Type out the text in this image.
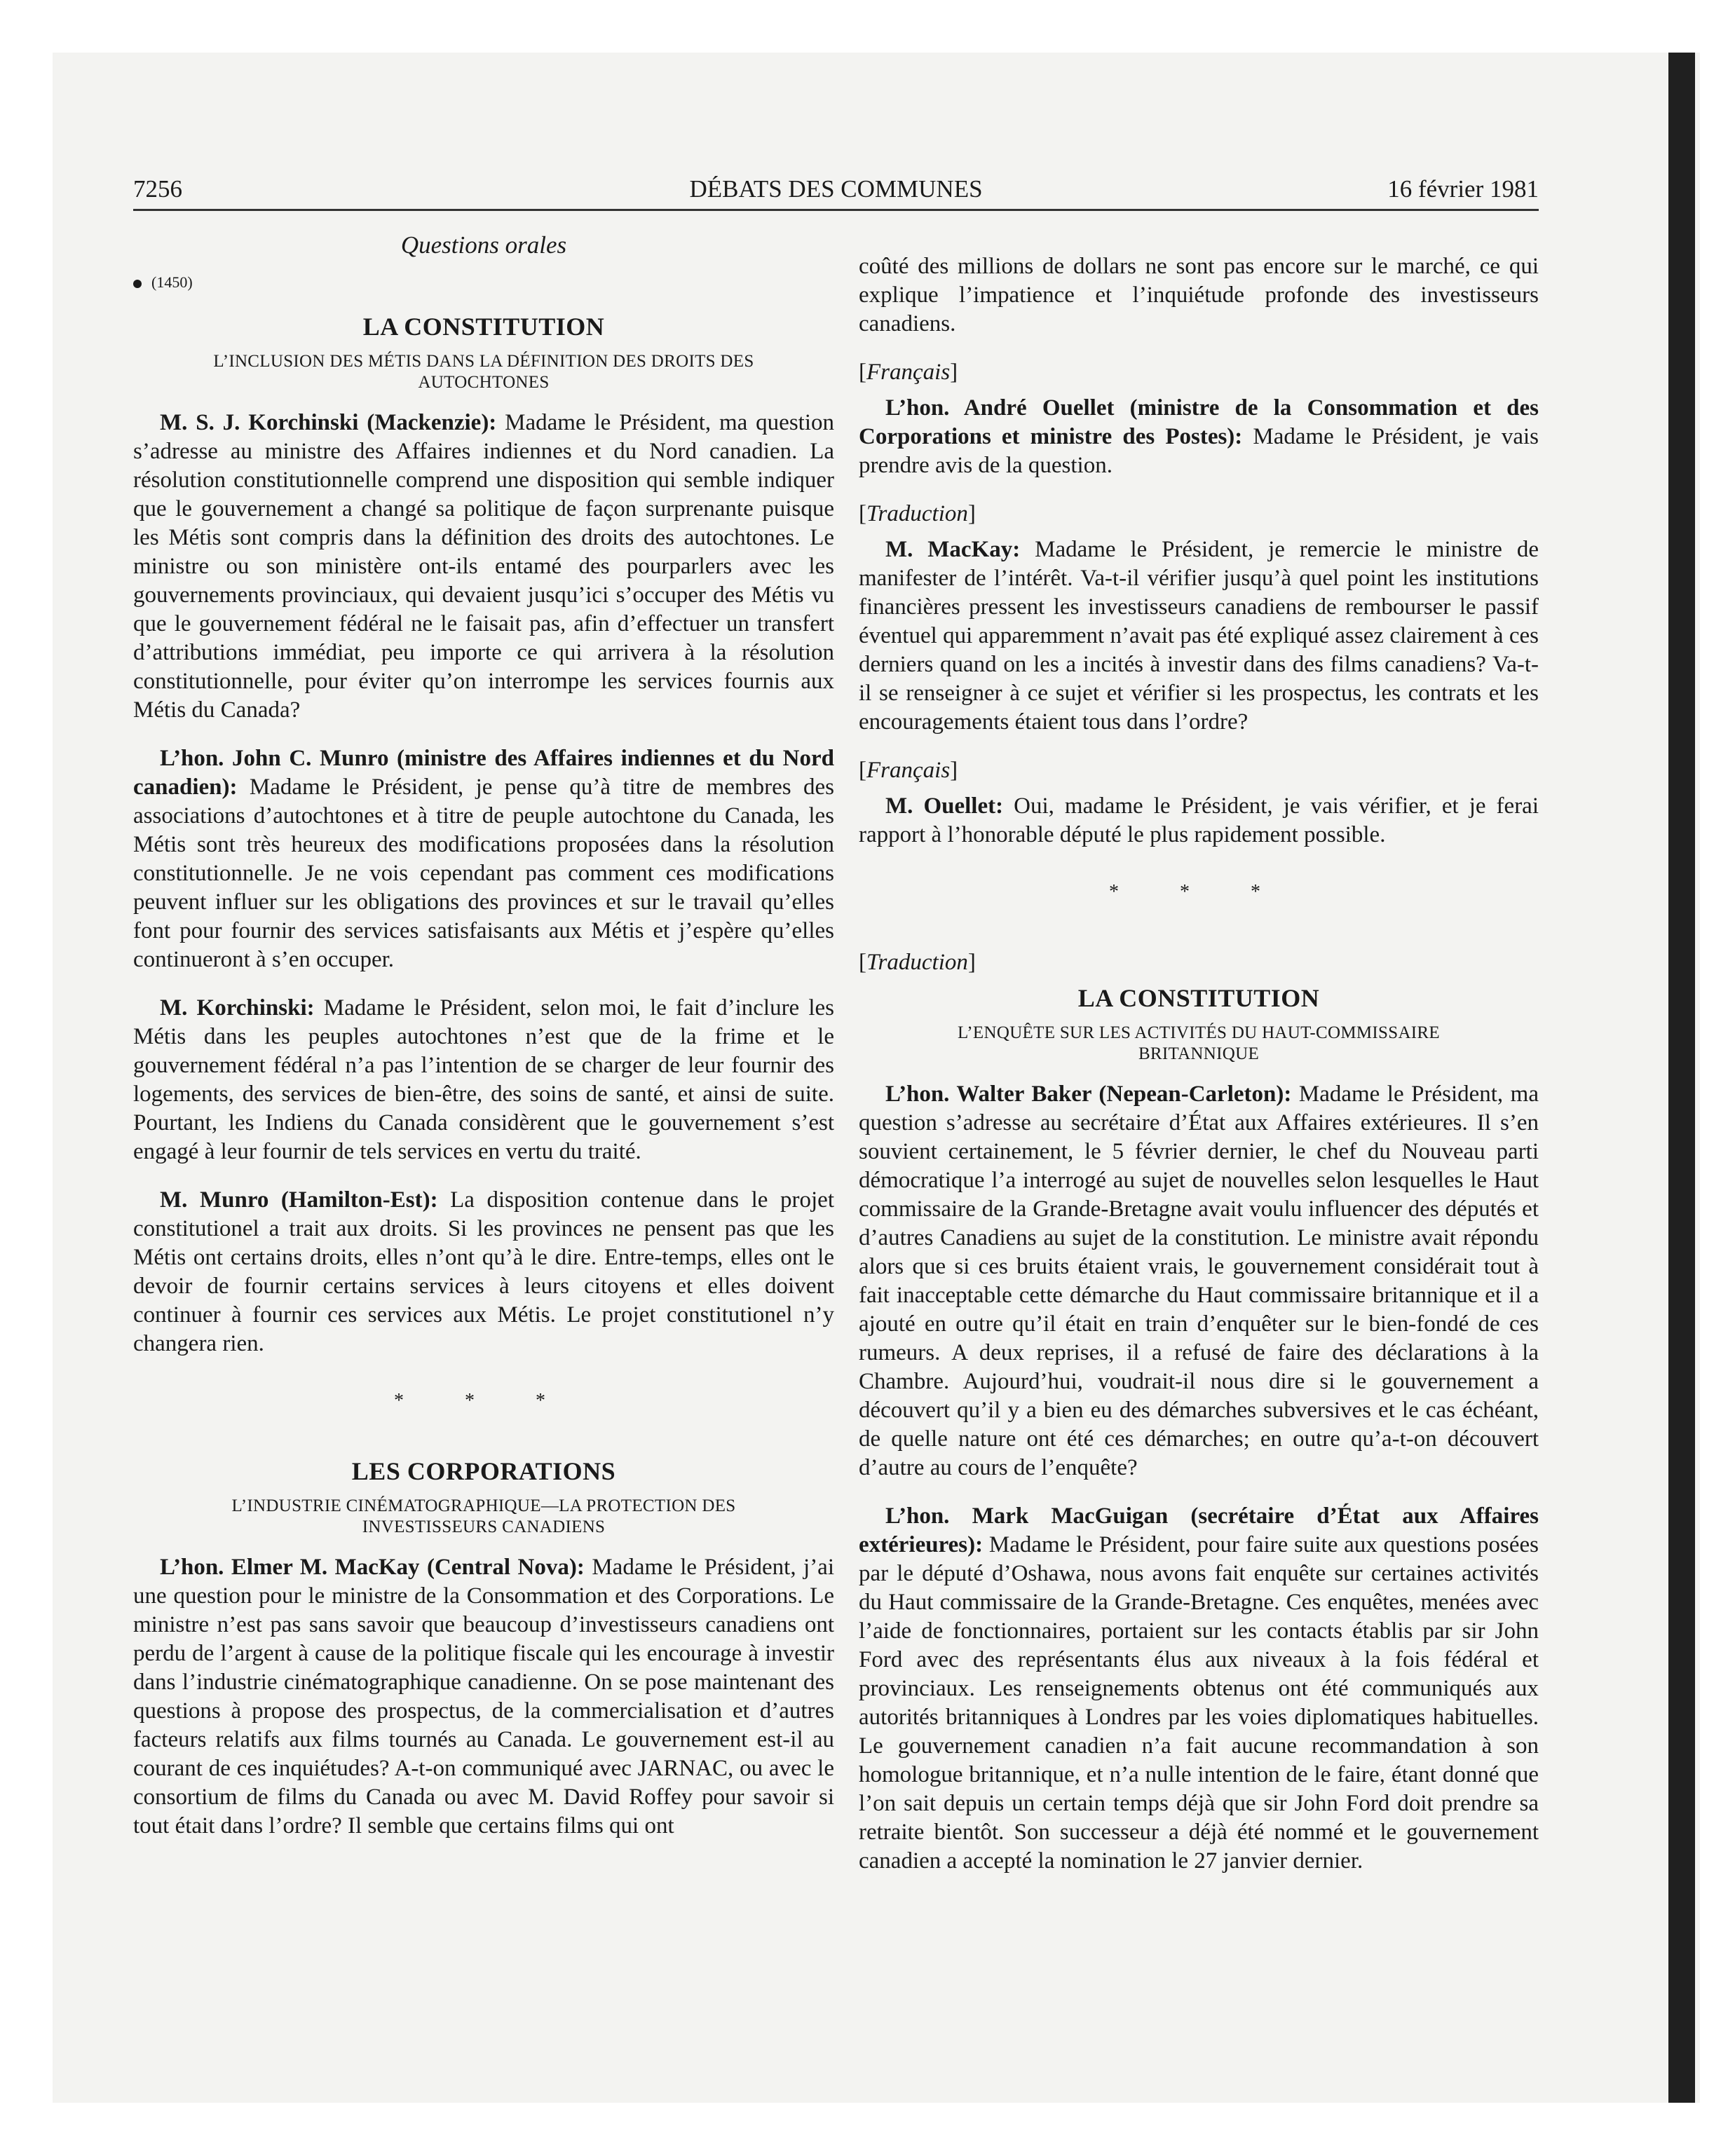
7256	DÉBATS DES COMMUNES	16 février 1981
Questions orales
(1450)
LA CONSTITUTION
L’INCLUSION DES MÉTIS DANS LA DÉFINITION DES DROITS DES AUTOCHTONES

M. S. J. Korchinski (Mackenzie): Madame le Président, ma question s’adresse au ministre des Affaires indiennes et du Nord canadien. La résolution constitutionnelle comprend une disposition qui semble indiquer que le gouvernement a changé sa politique de façon surprenante puisque les Métis sont compris dans la définition des droits des autochtones. Le ministre ou son ministère ont-ils entamé des pourparlers avec les gouvernements provinciaux, qui devaient jusqu’ici s’occuper des Métis vu que le gouvernement fédéral ne le faisait pas, afin d’effectuer un transfert d’attributions immédiat, peu importe ce qui arrivera à la résolution constitutionnelle, pour éviter qu’on interrompe les services fournis aux Métis du Canada?

L’hon. John C. Munro (ministre des Affaires indiennes et du Nord canadien): Madame le Président, je pense qu’à titre de membres des associations d’autochtones et à titre de peuple autochtone du Canada, les Métis sont très heureux des modifications proposées dans la résolution constitutionnelle. Je ne vois cependant pas comment ces modifications peuvent influer sur les obligations des provinces et sur le travail qu’elles font pour fournir des services satisfaisants aux Métis et j’espère qu’elles continueront à s’en occuper.

M. Korchinski: Madame le Président, selon moi, le fait d’inclure les Métis dans les peuples autochtones n’est que de la frime et le gouvernement fédéral n’a pas l’intention de se charger de leur fournir des logements, des services de bien-être, des soins de santé, et ainsi de suite. Pourtant, les Indiens du Canada considèrent que le gouvernement s’est engagé à leur fournir de tels services en vertu du traité.

M. Munro (Hamilton-Est): La disposition contenue dans le projet constitutionel a trait aux droits. Si les provinces ne pensent pas que les Métis ont certains droits, elles n’ont qu’à le dire. Entre-temps, elles ont le devoir de fournir certains services à leurs citoyens et elles doivent continuer à fournir ces services aux Métis. Le projet constitutionel n’y changera rien.

* * *
LES CORPORATIONS
L’INDUSTRIE CINÉMATOGRAPHIQUE—LA PROTECTION DES INVESTISSEURS CANADIENS

L’hon. Elmer M. MacKay (Central Nova): Madame le Président, j’ai une question pour le ministre de la Consommation et des Corporations. Le ministre n’est pas sans savoir que beaucoup d’investisseurs canadiens ont perdu de l’argent à cause de la politique fiscale qui les encourage à investir dans l’industrie cinématographique canadienne. On se pose maintenant des questions à propose des prospectus, de la commercialisation et d’autres facteurs relatifs aux films tournés au Canada. Le gouvernement est-il au courant de ces inquiétudes? A-t-on communiqué avec JARNAC, ou avec le consortium de films du Canada ou avec M. David Roffey pour savoir si tout était dans l’ordre? Il semble que certains films qui ont

coûté des millions de dollars ne sont pas encore sur le marché, ce qui explique l’impatience et l’inquiétude profonde des investisseurs canadiens.

[Français]

L’hon. André Ouellet (ministre de la Consommation et des Corporations et ministre des Postes): Madame le Président, je vais prendre avis de la question.

[Traduction]

M. MacKay: Madame le Président, je remercie le ministre de manifester de l’intérêt. Va-t-il vérifier jusqu’à quel point les institutions financières pressent les investisseurs canadiens de rembourser le passif éventuel qui apparemment n’avait pas été expliqué assez clairement à ces derniers quand on les a incités à investir dans des films canadiens? Va-t-il se renseigner à ce sujet et vérifier si les prospectus, les contrats et les encouragements étaient tous dans l’ordre?

[Français]

M. Ouellet: Oui, madame le Président, je vais vérifier, et je ferai rapport à l’honorable député le plus rapidement possible.

* * *
[Traduction]
LA CONSTITUTION
L’ENQUÊTE SUR LES ACTIVITÉS DU HAUT-COMMISSAIRE BRITANNIQUE

L’hon. Walter Baker (Nepean-Carleton): Madame le Président, ma question s’adresse au secrétaire d’État aux Affaires extérieures. Il s’en souvient certainement, le 5 février dernier, le chef du Nouveau parti démocratique l’a interrogé au sujet de nouvelles selon lesquelles le Haut commissaire de la Grande-Bretagne avait voulu influencer des députés et d’autres Canadiens au sujet de la constitution. Le ministre avait répondu alors que si ces bruits étaient vrais, le gouvernement considérait tout à fait inacceptable cette démarche du Haut commissaire britannique et il a ajouté en outre qu’il était en train d’enquêter sur le bien-fondé de ces rumeurs. A deux reprises, il a refusé de faire des déclarations à la Chambre. Aujourd’hui, voudrait-il nous dire si le gouvernement a découvert qu’il y a bien eu des démarches subversives et le cas échéant, de quelle nature ont été ces démarches; en outre qu’a-t-on découvert d’autre au cours de l’enquête?

L’hon. Mark MacGuigan (secrétaire d’État aux Affaires extérieures): Madame le Président, pour faire suite aux questions posées par le député d’Oshawa, nous avons fait enquête sur certaines activités du Haut commissaire de la Grande-Bretagne. Ces enquêtes, menées avec l’aide de fonctionnaires, portaient sur les contacts établis par sir John Ford avec des représentants élus aux niveaux à la fois fédéral et provinciaux. Les renseignements obtenus ont été communiqués aux autorités britanniques à Londres par les voies diplomatiques habituelles. Le gouvernement canadien n’a fait aucune recommandation à son homologue britannique, et n’a nulle intention de le faire, étant donné que l’on sait depuis un certain temps déjà que sir John Ford doit prendre sa retraite bientôt. Son successeur a déjà été nommé et le gouvernement canadien a accepté la nomination le 27 janvier dernier.
